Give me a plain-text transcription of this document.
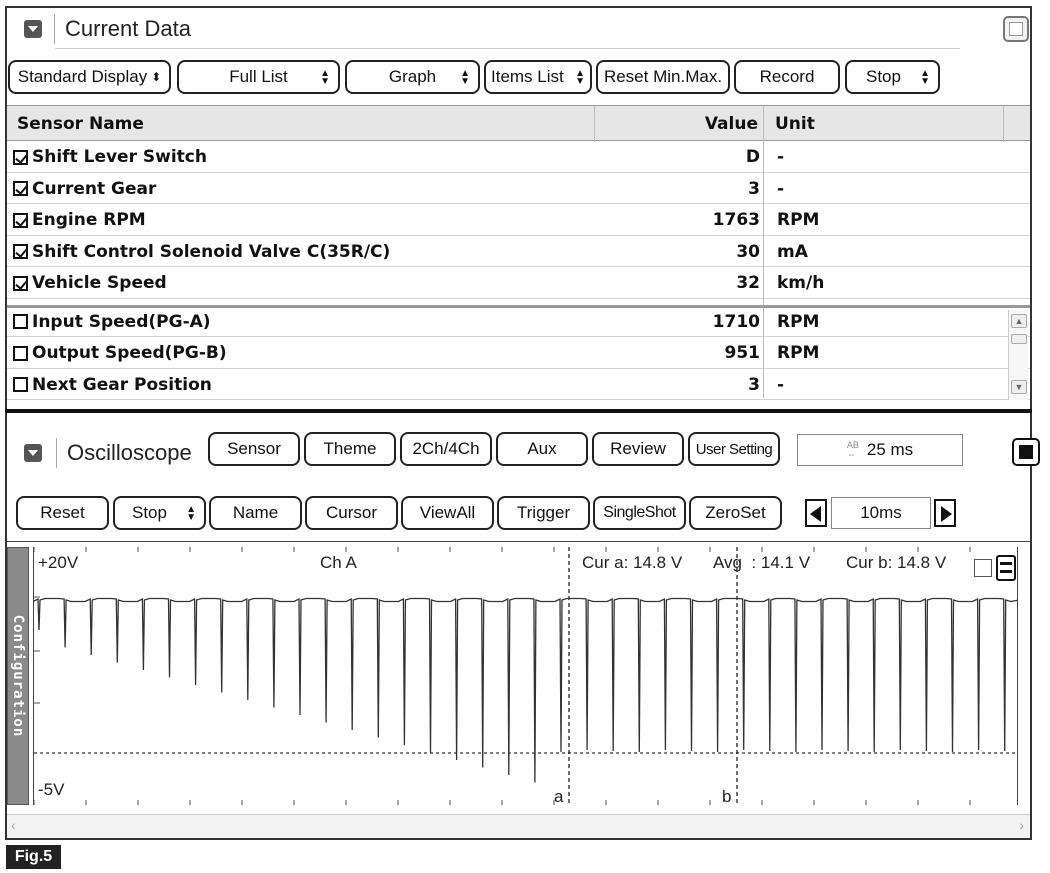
Current Data
Standard Display ⬍	Full List	▲
▼	Graph ▲
▼ Items List ▲
▼	Reset Min.Max.	Record	Stop ▲
▼
Sensor Name	Value Unit
Shift Lever Switch	D -
Current Gear	3 -
Engine RPM	1763 RPM
Shift Control Solenoid Valve C(35R/C)	30 mA
Vehicle Speed	32 km/h
Input Speed(PG-A)	1710 RPM
Output Speed(PG-B)	951 RPM
Next Gear Position	3 -
▲
▼
Oscilloscope	Sensor	Theme	2Ch/4Ch	Aux	Review	User Setting	AB
⇔ 25 ms
Reset	Stop ▲
▼	Name	Cursor	ViewAll	Trigger	SingleShot	ZeroSet	10ms
Configuration
+20V
-5V
Ch A	Cur a: 14.8 V Avg  : 14.1 V Cur b: 14.8 V
a	b
‹	›
Fig.5
